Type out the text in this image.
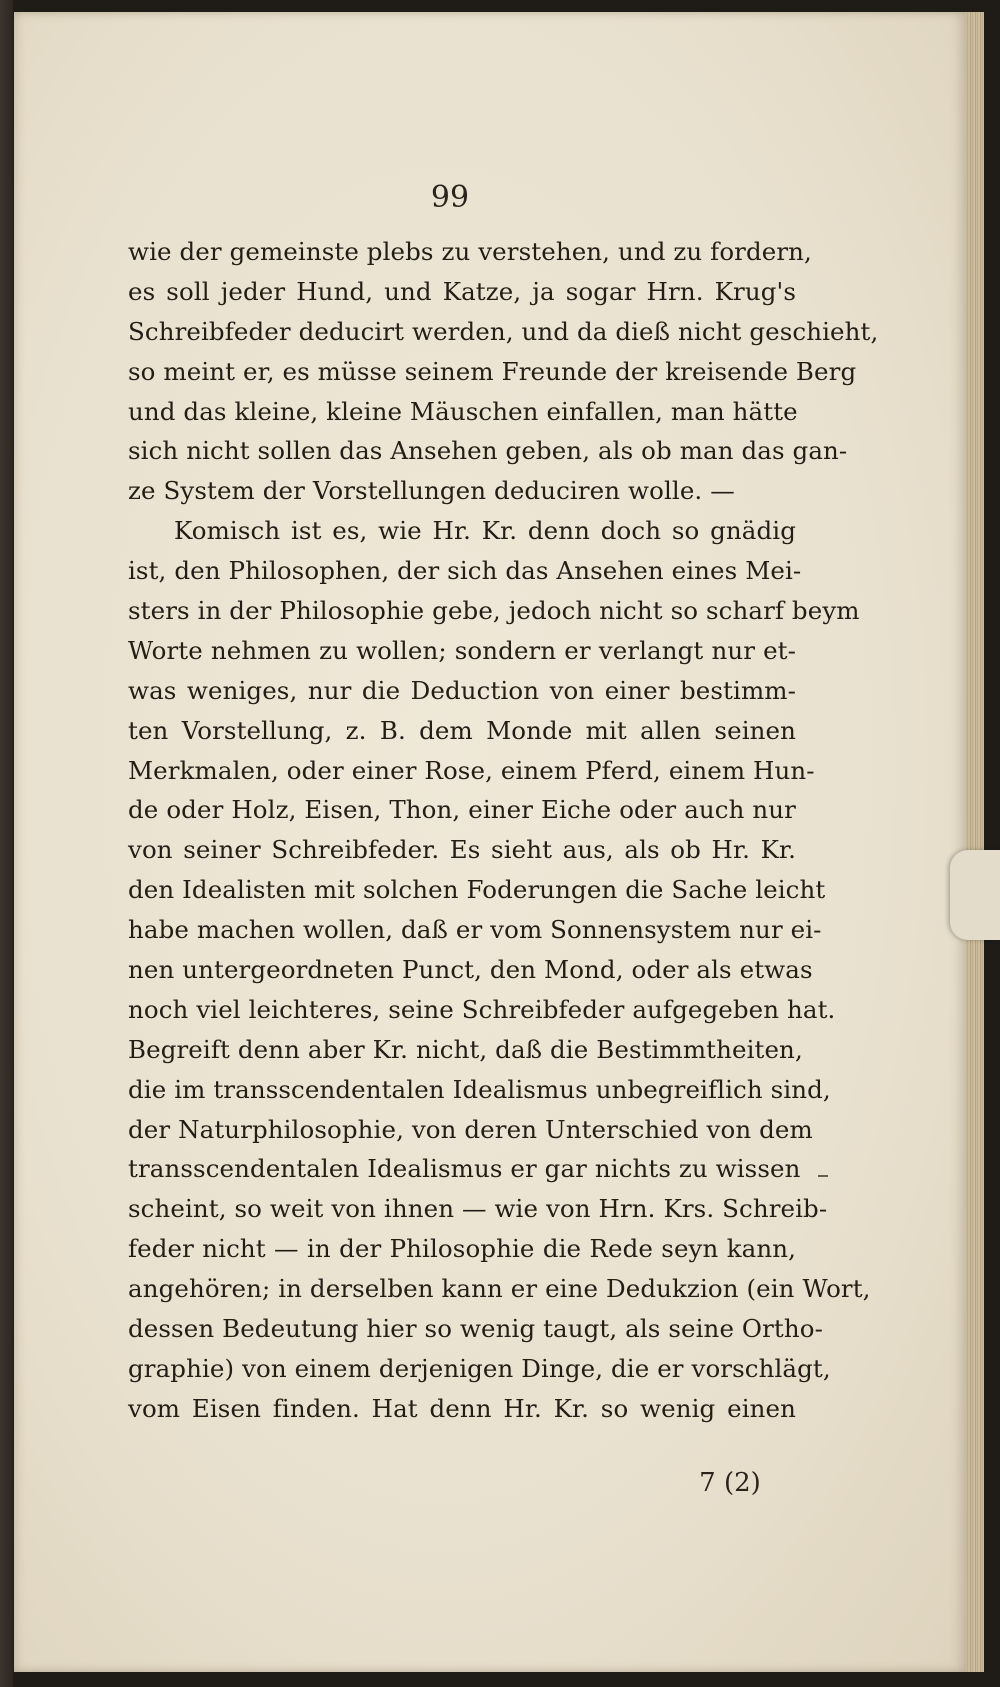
99
wie der gemeinste plebs zu verstehen, und zu fordern,
es soll jeder Hund, und Katze, ja sogar Hrn. Krug's
Schreibfeder deducirt werden, und da dieß nicht geschieht,
so meint er, es müsse seinem Freunde der kreisende Berg
und das kleine, kleine Mäuschen einfallen, man hätte
sich nicht sollen das Ansehen geben, als ob man das gan-
ze System der Vorstellungen deduciren wolle. —
Komisch ist es, wie Hr. Kr. denn doch so gnädig
ist, den Philosophen, der sich das Ansehen eines Mei-
sters in der Philosophie gebe, jedoch nicht so scharf beym
Worte nehmen zu wollen; sondern er verlangt nur et-
was weniges, nur die Deduction von einer bestimm-
ten Vorstellung, z. B. dem Monde mit allen seinen
Merkmalen, oder einer Rose, einem Pferd, einem Hun-
de oder Holz, Eisen, Thon, einer Eiche oder auch nur
von seiner Schreibfeder. Es sieht aus, als ob Hr. Kr.
den Idealisten mit solchen Foderungen die Sache leicht
habe machen wollen, daß er vom Sonnensystem nur ei-
nen untergeordneten Punct, den Mond, oder als etwas
noch viel leichteres, seine Schreibfeder aufgegeben hat.
Begreift denn aber Kr. nicht, daß die Bestimmtheiten,
die im transscendentalen Idealismus unbegreiflich sind,
der Naturphilosophie, von deren Unterschied von dem
transscendentalen Idealismus er gar nichts zu wissen
scheint, so weit von ihnen — wie von Hrn. Krs. Schreib-
feder nicht — in der Philosophie die Rede seyn kann,
angehören; in derselben kann er eine Dedukzion (ein Wort,
dessen Bedeutung hier so wenig taugt, als seine Ortho-
graphie) von einem derjenigen Dinge, die er vorschlägt,
vom Eisen finden. Hat denn Hr. Kr. so wenig einen
7 (2)
